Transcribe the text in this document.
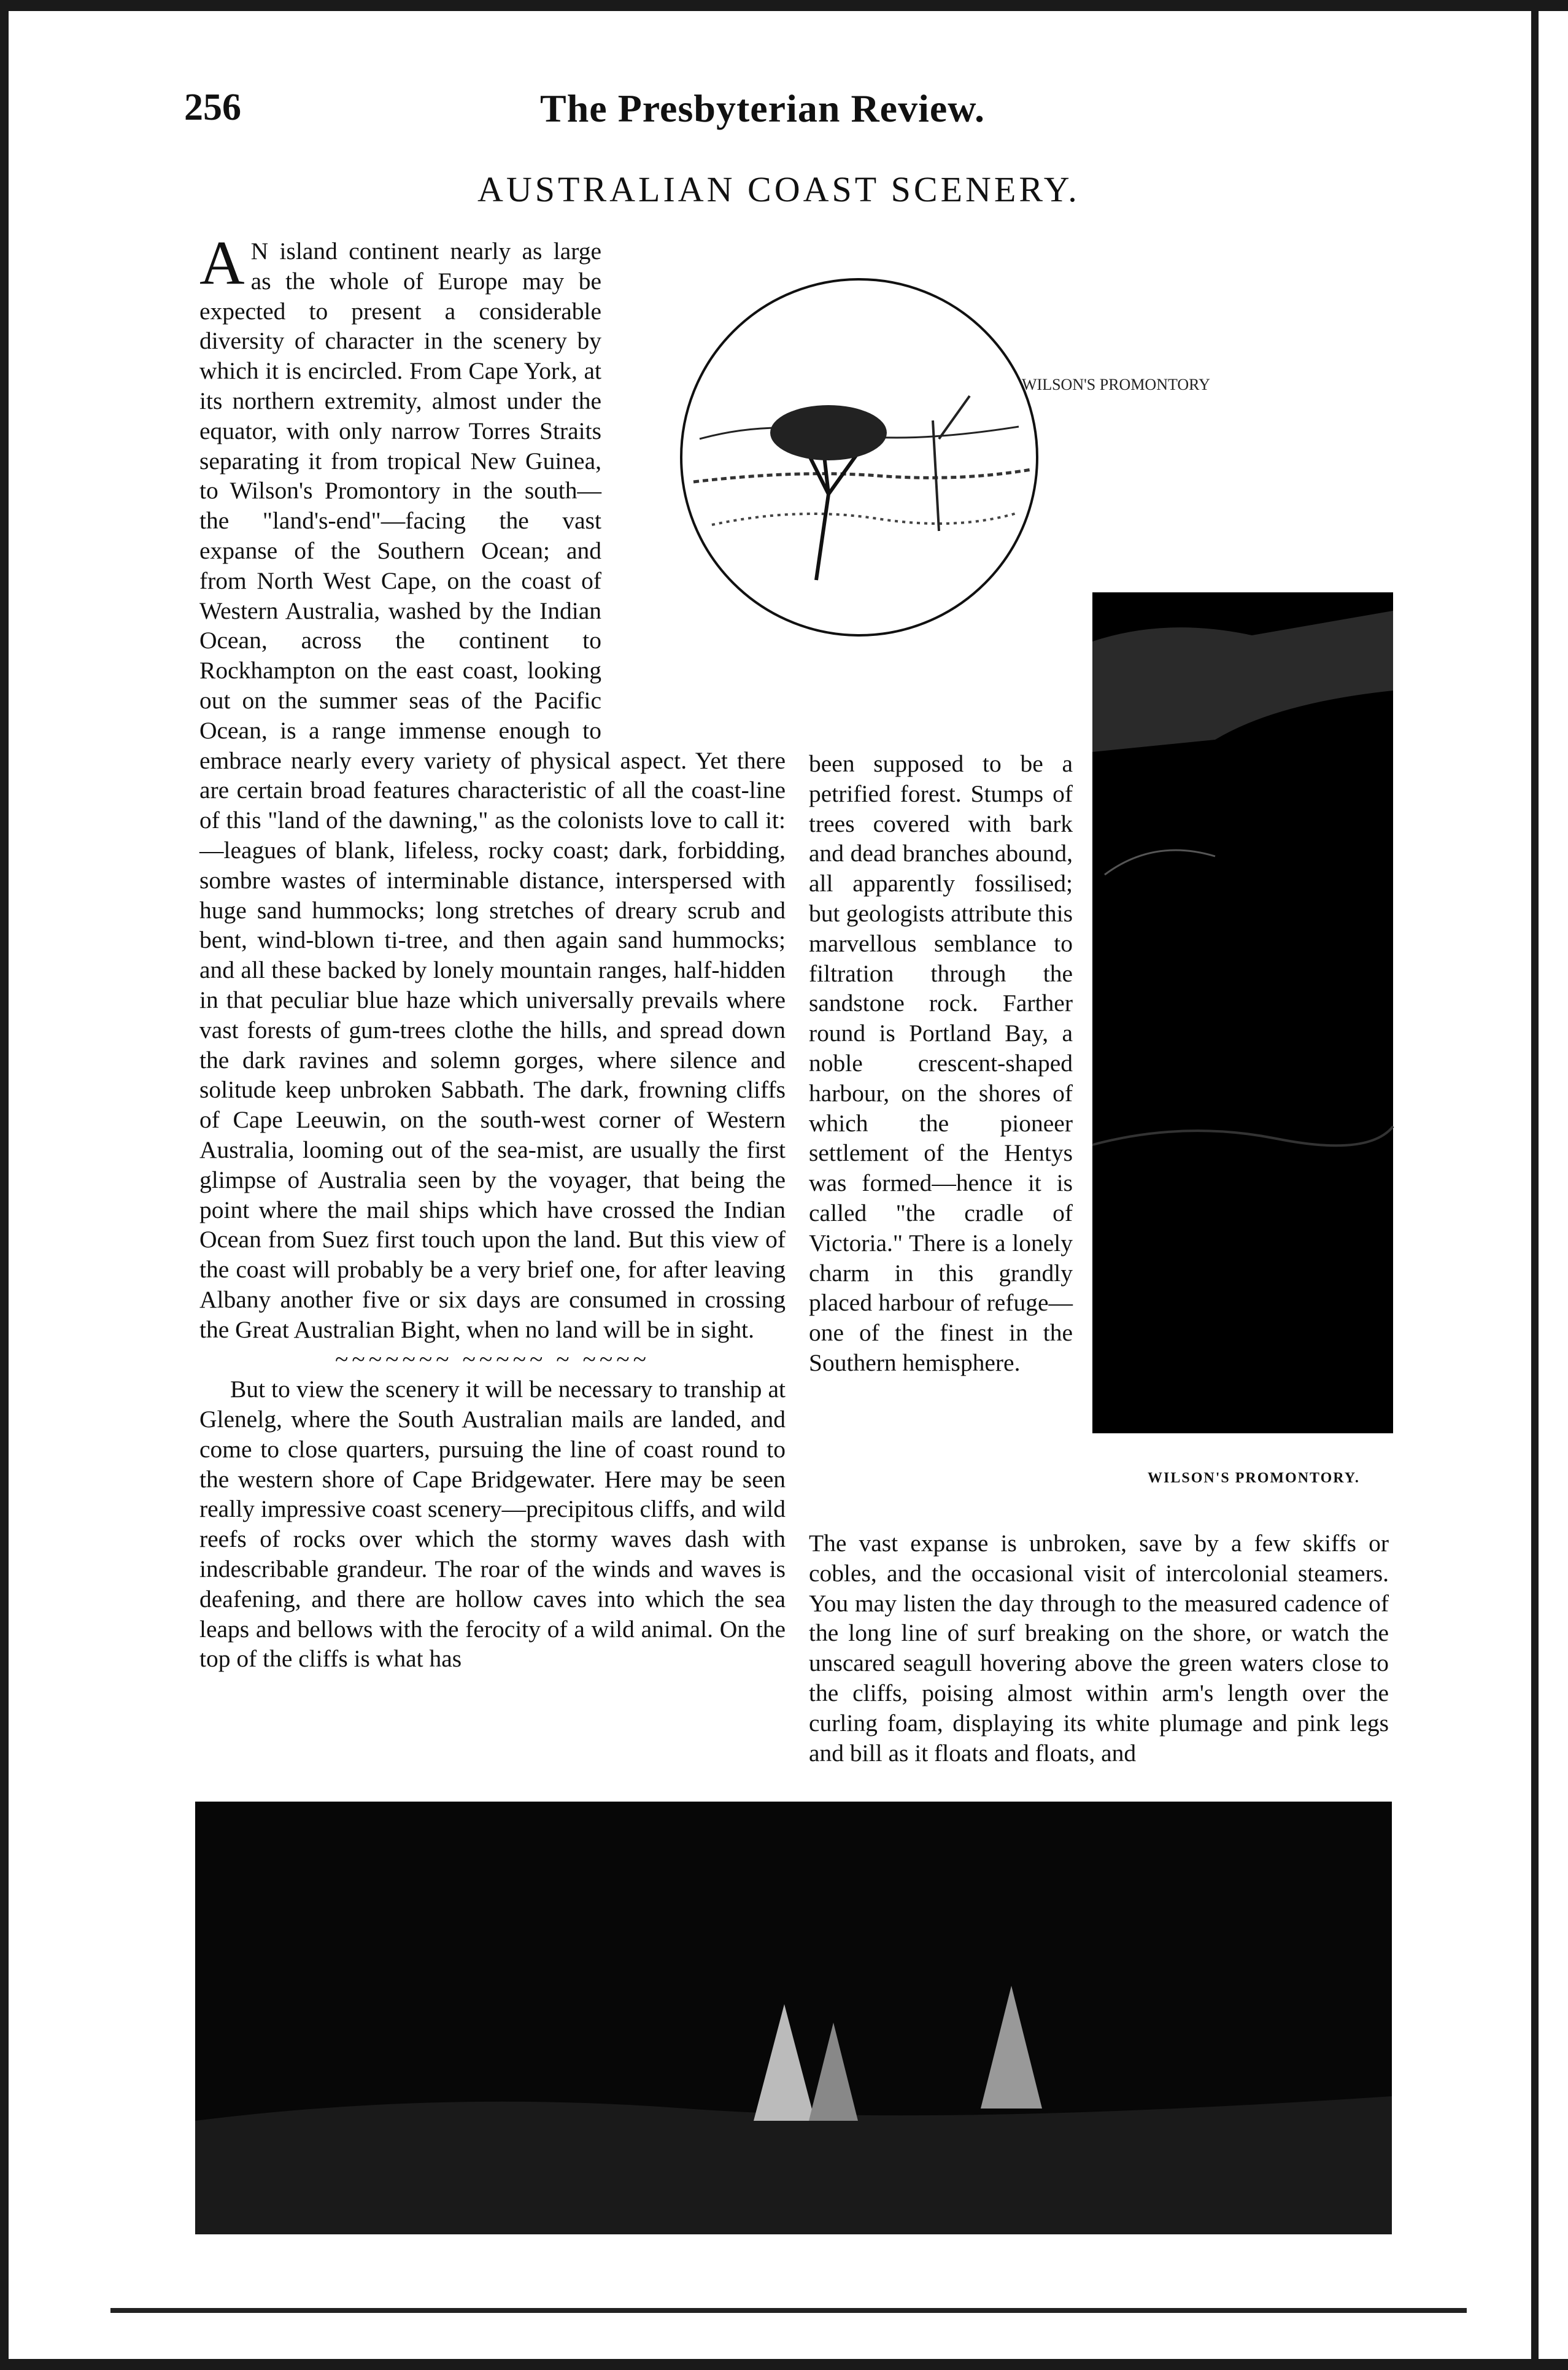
256	The Presbyterian Review.
AUSTRALIAN COAST SCENERY.

A N island continent nearly as large as the whole of Europe may be expected to present a considerable diversity of character in the scenery by which it is encircled. From Cape York, at its northern extremity, almost under the equator, with only narrow Torres Straits separating it from tropical New Guinea, to Wilson's Promontory in the south—the "land's-end"—facing the vast expanse of the Southern Ocean; and from North West Cape, on the coast of Western Australia, washed by the Indian Ocean, across the continent to Rockhampton on the east coast, looking out on the summer seas of the Pacific Ocean, is a range immense enough to embrace nearly every variety of physical aspect. Yet there are certain broad features characteristic of all the coast-line of this "land of the dawning," as the colonists love to call it:—leagues of blank, lifeless, rocky coast; dark, forbidding, sombre wastes of interminable distance, interspersed with huge sand hummocks; long stretches of dreary scrub and bent, wind-blown ti-tree, and then again sand hummocks; and all these backed by lonely mountain ranges, half-hidden in that peculiar blue haze which universally prevails where vast forests of gum-trees clothe the hills, and spread down the dark ravines and solemn gorges, where silence and solitude keep unbroken Sabbath. The dark, frowning cliffs of Cape Leeuwin, on the south-west corner of Western Australia, looming out of the sea-mist, are usually the first glimpse of Australia seen by the voyager, that being the point where the mail ships which have crossed the Indian Ocean from Suez first touch upon the land. But this view of the coast will probably be a very brief one, for after leaving Albany another five or six days are consumed in crossing the Great Australian Bight, when no land will be in sight.

~~~~~~~ ~~~~~ ~ ~~~~

But to view the scenery it will be necessary to tranship at Glenelg, where the South Australian mails are landed, and come to close quarters, pursuing the line of coast round to the western shore of Cape Bridgewater. Here may be seen really impressive coast scenery—precipitous cliffs, and wild reefs of rocks over which the stormy waves dash with indescribable grandeur. The roar of the winds and waves is deafening, and there are hollow caves into which the sea leaps and bellows with the ferocity of a wild animal. On the top of the cliffs is what has

been supposed to be a petrified forest. Stumps of trees covered with bark and dead branches abound, all apparently fossilised; but geologists attribute this marvellous semblance to filtration through the sandstone rock. Farther round is Portland Bay, a noble crescent-shaped harbour, on the shores of which the pioneer settlement of the Hentys was formed—hence it is called "the cradle of Victoria." There is a lonely charm in this grandly placed harbour of refuge—one of the finest in the Southern hemisphere.
The vast expanse is unbroken, save by a few skiffs or cobles, and the occasional visit of intercolonial steamers. You may listen the day through to the measured cadence of the long line of surf breaking on the shore, or watch the unscared seagull hovering above the green waters close to the cliffs, poising almost within arm's length over the curling foam, displaying its white plumage and pink legs and bill as it floats and floats, and
WILSON'S PROMONTORY
WILSON'S PROMONTORY.
